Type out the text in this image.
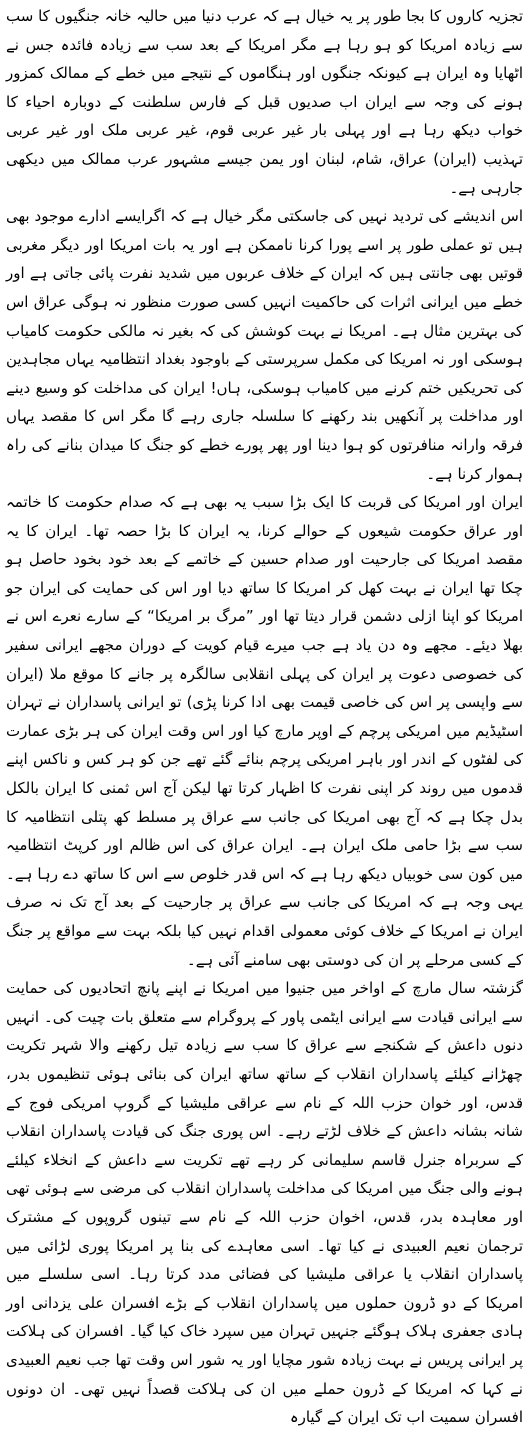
تجزیہ کاروں کا بجا طور پر یہ خیال ہے کہ عرب دنیا میں حالیہ خانہ جنگیوں کا سب سے زیادہ امریکا کو ہو رہا ہے مگر امریکا کے بعد سب سے زیادہ فائدہ جس نے اٹھایا وہ ایران ہے کیونکہ جنگوں اور ہنگاموں کے نتیجے میں خطے کے ممالک کمزور ہونے کی وجہ سے ایران اب صدیوں قبل کے فارس سلطنت کے دوبارہ احیاء کا خواب دیکھ رہا ہے اور پہلی بار غیر عربی قوم، غیر عربی ملک اور غیر عربی تہذیب (ایران) عراق، شام، لبنان اور یمن جیسے مشہور عرب ممالک میں دیکھی جارہی ہے۔

اس اندیشے کی تردید نہیں کی جاسکتی مگر خیال ہے کہ اگرایسے ادارے موجود بھی ہیں تو عملی طور پر اسے پورا کرنا ناممکن ہے اور یہ بات امریکا اور دیگر مغربی قوتیں بھی جانتی ہیں کہ ایران کے خلاف عربوں میں شدید نفرت پائی جاتی ہے اور خطے میں ایرانی اثرات کی حاکمیت انہیں کسی صورت منظور نہ ہوگی عراق اس کی بہترین مثال ہے۔ امریکا نے بہت کوشش کی کہ بغیر نہ مالکی حکومت کامیاب ہوسکی اور نہ امریکا کی مکمل سرپرستی کے باوجود بغداد انتظامیہ یہاں مجاہدین کی تحریکیں ختم کرنے میں کامیاب ہوسکی، ہاں! ایران کی مداخلت کو وسیع دینے اور مداخلت پر آنکھیں بند رکھنے کا سلسلہ جاری رہے گا مگر اس کا مقصد یہاں فرقہ وارانہ منافرتوں کو ہوا دینا اور پھر پورے خطے کو جنگ کا میدان بنانے کی راہ ہموار کرنا ہے۔

ایران اور امریکا کی قربت کا ایک بڑا سبب یہ بھی ہے کہ صدام حکومت کا خاتمہ اور عراق حکومت شیعوں کے حوالے کرنا، یہ ایران کا بڑا حصہ تھا۔ ایران کا یہ مقصد امریکا کی جارحیت اور صدام حسین کے خاتمے کے بعد خود بخود حاصل ہو چکا تھا ایران نے بہت کھل کر امریکا کا ساتھ دیا اور اس کی حمایت کی ایران جو امریکا کو اپنا ازلی دشمن قرار دیتا تھا اور ”مرگ بر امریکا“ کے سارے نعرے اس نے بھلا دیئے۔ مجھے وہ دن یاد ہے جب میرے قیام کویت کے دوران مجھے ایرانی سفیر کی خصوصی دعوت پر ایران کی پہلی انقلابی سالگرہ پر جانے کا موقع ملا (ایران سے واپسی پر اس کی خاصی قیمت بھی ادا کرنا پڑی) تو ایرانی پاسداران نے تہران اسٹیڈیم میں امریکی پرچم کے اوپر مارچ کیا اور اس وقت ایران کی ہر بڑی عمارت کی لفٹوں کے اندر اور باہر امریکی پرچم بنائے گئے تھے جن کو ہر کس و ناکس اپنے قدموں میں روند کر اپنی نفرت کا اظہار کرتا تھا لیکن آج اس ثمنی کا ایران بالکل بدل چکا ہے کہ آج بھی امریکا کی جانب سے عراق پر مسلط کھ پتلی انتظامیہ کا سب سے بڑا حامی ملک ایران ہے۔ ایران عراق کی اس ظالم اور کرپٹ انتظامیہ میں کون سی خوبیاں دیکھ رہا ہے کہ اس قدر خلوص سے اس کا ساتھ دے رہا ہے۔ یہی وجہ ہے کہ امریکا کی جانب سے عراق پر جارحیت کے بعد آج تک نہ صرف ایران نے امریکا کے خلاف کوئی معمولی اقدام نہیں کیا بلکہ بہت سے مواقع پر جنگ کے کسی مرحلے پر ان کی دوستی بھی سامنے آئی ہے۔

گزشتہ سال مارچ کے اواخر میں جنیوا میں امریکا نے اپنے پانچ اتحادیوں کی حمایت سے ایرانی قیادت سے ایرانی ایٹمی پاور کے پروگرام سے متعلق بات چیت کی۔ انہیں دنوں داعش کے شکنجے سے عراق کا سب سے زیادہ تیل رکھنے والا شہر تکریت چھڑانے کیلئے پاسداران انقلاب کے ساتھ ساتھ ایران کی بنائی ہوئی تنظیموں بدر، قدس، اور خوان حزب اللہ کے نام سے عراقی ملیشیا کے گروپ امریکی فوج کے شانہ بشانہ داعش کے خلاف لڑتے رہے۔ اس پوری جنگ کی قیادت پاسداران انقلاب کے سربراہ جنرل قاسم سلیمانی کر رہے تھے تکریت سے داعش کے انخلاء کیلئے ہونے والی جنگ میں امریکا کی مداخلت پاسداران انقلاب کی مرضی سے ہوئی تھی اور معاہدہ بدر، قدس، اخوان حزب اللہ کے نام سے تینوں گروپوں کے مشترک ترجمان نعیم العبیدی نے کیا تھا۔ اسی معاہدے کی بنا پر امریکا پوری لڑائی میں پاسداران انقلاب یا عراقی ملیشیا کی فضائی مدد کرتا رہا۔ اسی سلسلے میں امریکا کے دو ڈرون حملوں میں پاسداران انقلاب کے بڑے افسران علی یزدانی اور ہادی جعفری ہلاک ہوگئے جنہیں تہران میں سپرد خاک کیا گیا۔ افسران کی ہلاکت پر ایرانی پریس نے بہت زیادہ شور مچایا اور یہ شور اس وقت تھا جب نعیم العبیدی نے کہا کہ امریکا کے ڈرون حملے میں ان کی ہلاکت قصداً نہیں تھی۔ ان دونوں افسران سمیت اب تک ایران کے گیارہ
